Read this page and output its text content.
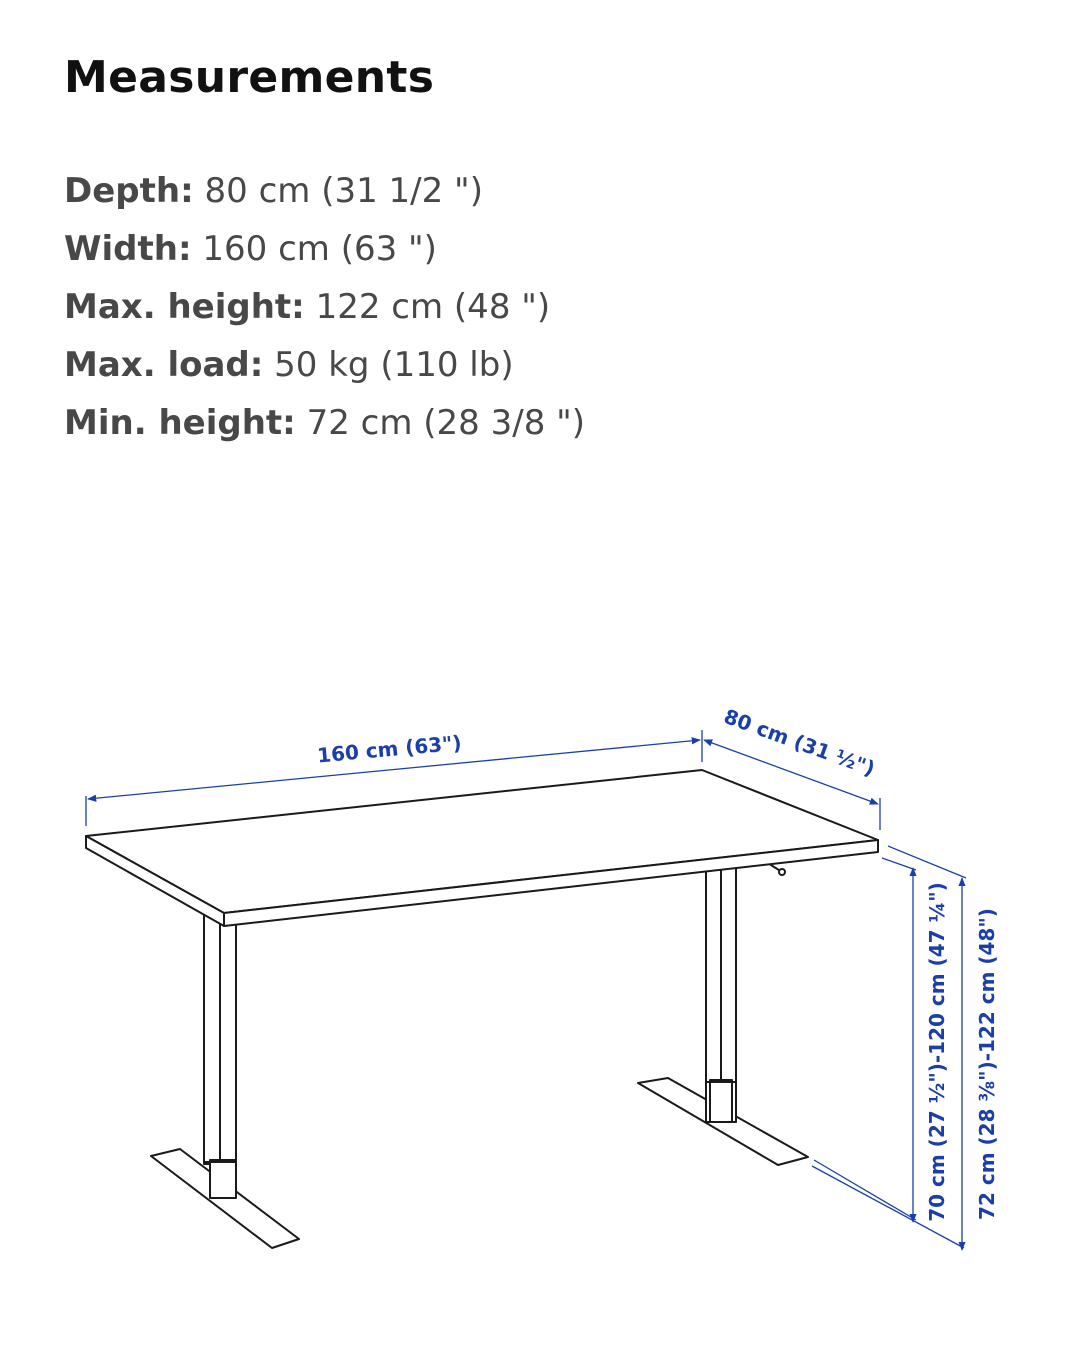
Measurements
Depth: 80 cm (31 1/2 ")
Width: 160 cm (63 ")
Max. height: 122 cm (48 ")
Max. load: 50 kg (110 lb)
Min. height: 72 cm (28 3/8 ")
160 cm (63")	80 cm (31 ½")
70 cm (27 ½")-120 cm (47 ¼") 72 cm (28 ⅜")-122 cm (48")
